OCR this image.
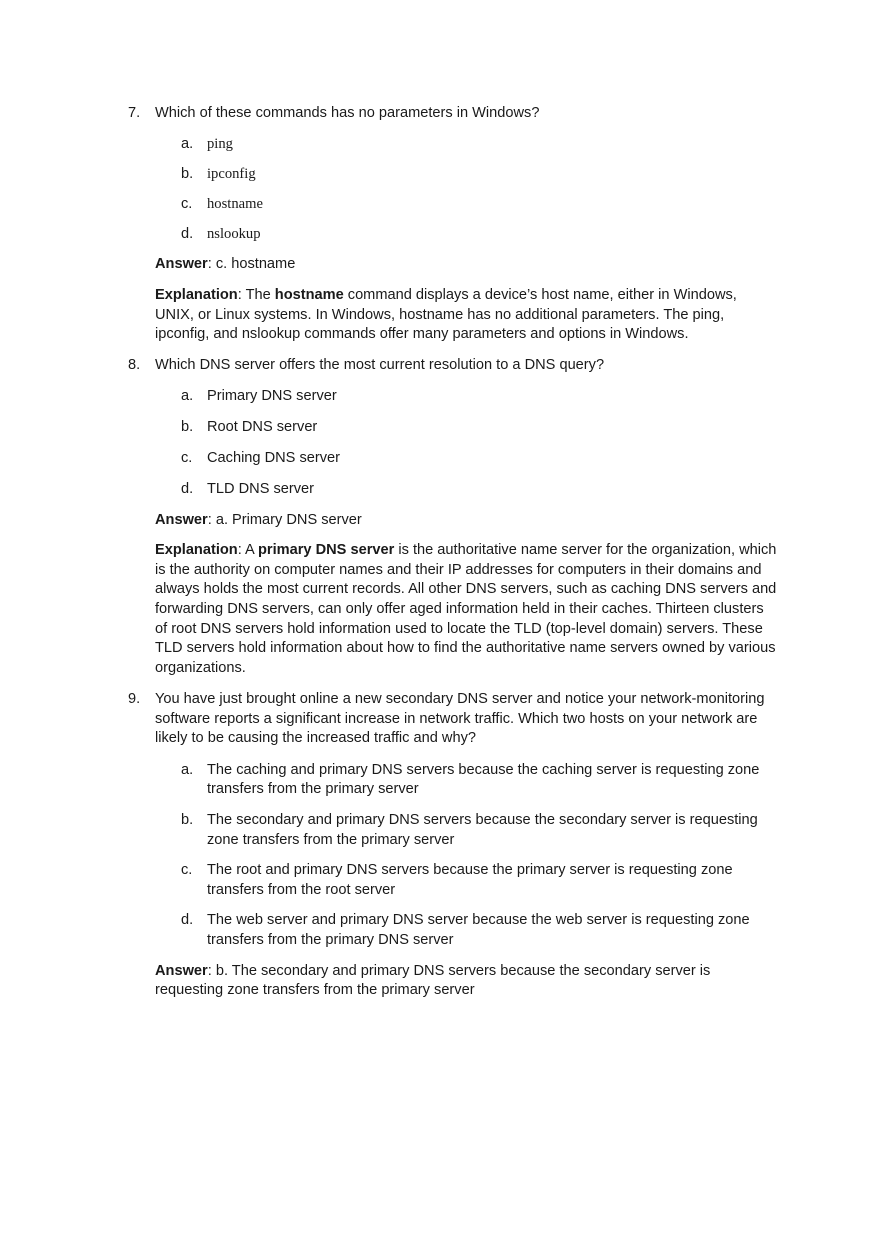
7.	Which of these commands has no parameters in Windows?

a. ping
b. ipconfig
c. hostname
d. nslookup

Answer: c. hostname

Explanation: The hostname command displays a device’s host name, either in Windows, UNIX, or Linux systems. In Windows, hostname has no additional parameters. The ping, ipconfig, and nslookup commands offer many parameters and options in Windows.

8.	Which DNS server offers the most current resolution to a DNS query?

a. Primary DNS server
b. Root DNS server
c. Caching DNS server
d. TLD DNS server

Answer: a. Primary DNS server

Explanation: A primary DNS server is the authoritative name server for the organization, which is the authority on computer names and their IP addresses for computers in their domains and always holds the most current records. All other DNS servers, such as caching DNS servers and forwarding DNS servers, can only offer aged information held in their caches. Thirteen clusters of root DNS servers hold information used to locate the TLD (top-level domain) servers. These TLD servers hold information about how to find the authoritative name servers owned by various organizations.

9.	You have just brought online a new secondary DNS server and notice your network-monitoring software reports a significant increase in network traffic. Which two hosts on your network are likely to be causing the increased traffic and why?

a. The caching and primary DNS servers because the caching server is requesting zone transfers from the primary server
b. The secondary and primary DNS servers because the secondary server is requesting zone transfers from the primary server
c. The root and primary DNS servers because the primary server is requesting zone transfers from the root server
d. The web server and primary DNS server because the web server is requesting zone transfers from the primary DNS server

Answer: b. The secondary and primary DNS servers because the secondary server is requesting zone transfers from the primary server
